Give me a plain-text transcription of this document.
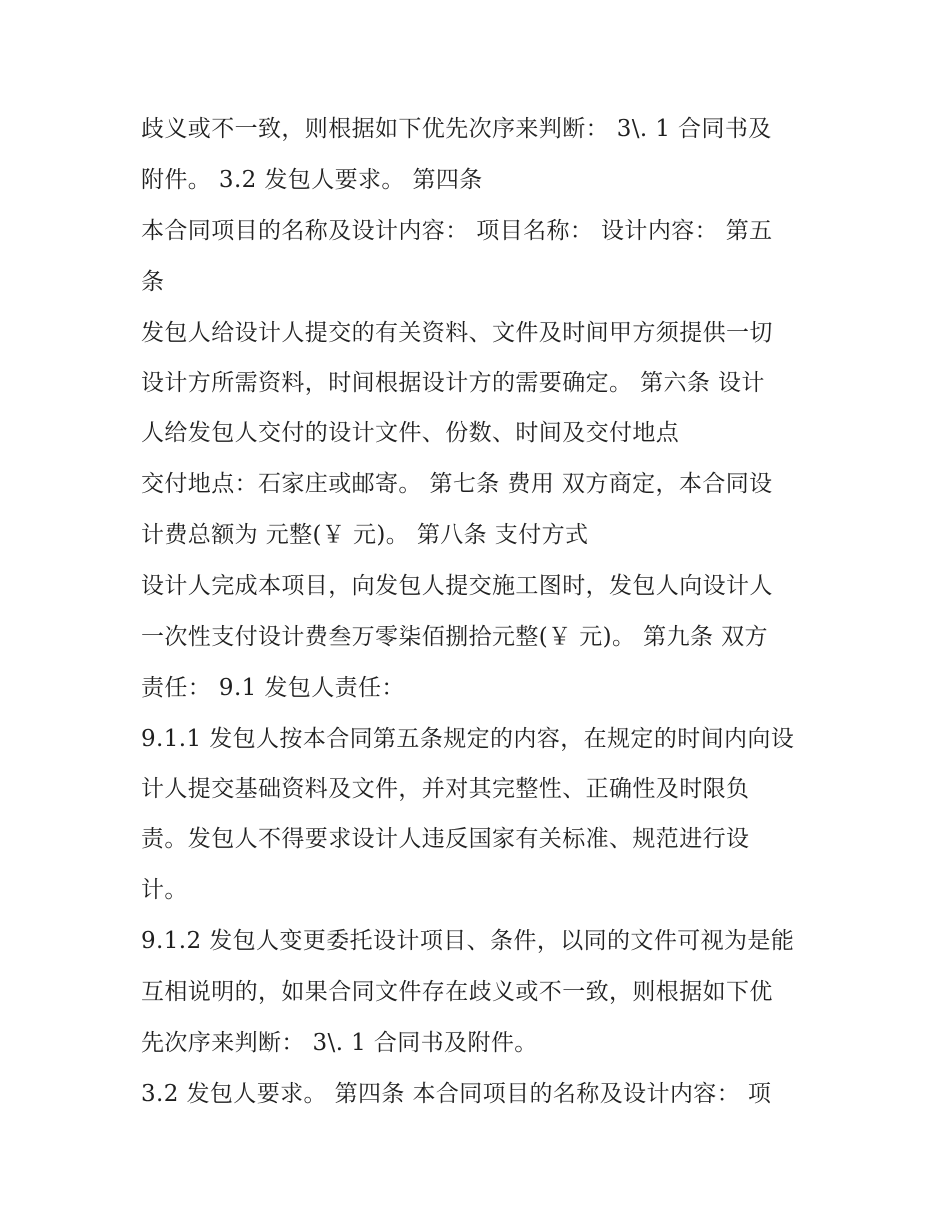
歧义或不一致，则根据如下优先次序来判断： 3\. 1 合同书及
附件。 3.2 发包人要求。 第四条
本合同项目的名称及设计内容： 项目名称： 设计内容： 第五
条
发包人给设计人提交的有关资料、文件及时间甲方须提供一切
设计方所需资料，时间根据设计方的需要确定。 第六条 设计
人给发包人交付的设计文件、份数、时间及交付地点
交付地点：石家庄或邮寄。 第七条 费用 双方商定，本合同设
计费总额为 元整(￥ 元)。 第八条 支付方式
设计人完成本项目，向发包人提交施工图时，发包人向设计人
一次性支付设计费叁万零柒佰捌拾元整(￥ 元)。 第九条 双方
责任： 9.1 发包人责任：
9.1.1 发包人按本合同第五条规定的内容，在规定的时间内向设
计人提交基础资料及文件，并对其完整性、正确性及时限负
责。发包人不得要求设计人违反国家有关标准、规范进行设
计。
9.1.2 发包人变更委托设计项目、条件，以同的文件可视为是能
互相说明的，如果合同文件存在歧义或不一致，则根据如下优
先次序来判断： 3\. 1 合同书及附件。
3.2 发包人要求。 第四条 本合同项目的名称及设计内容： 项
